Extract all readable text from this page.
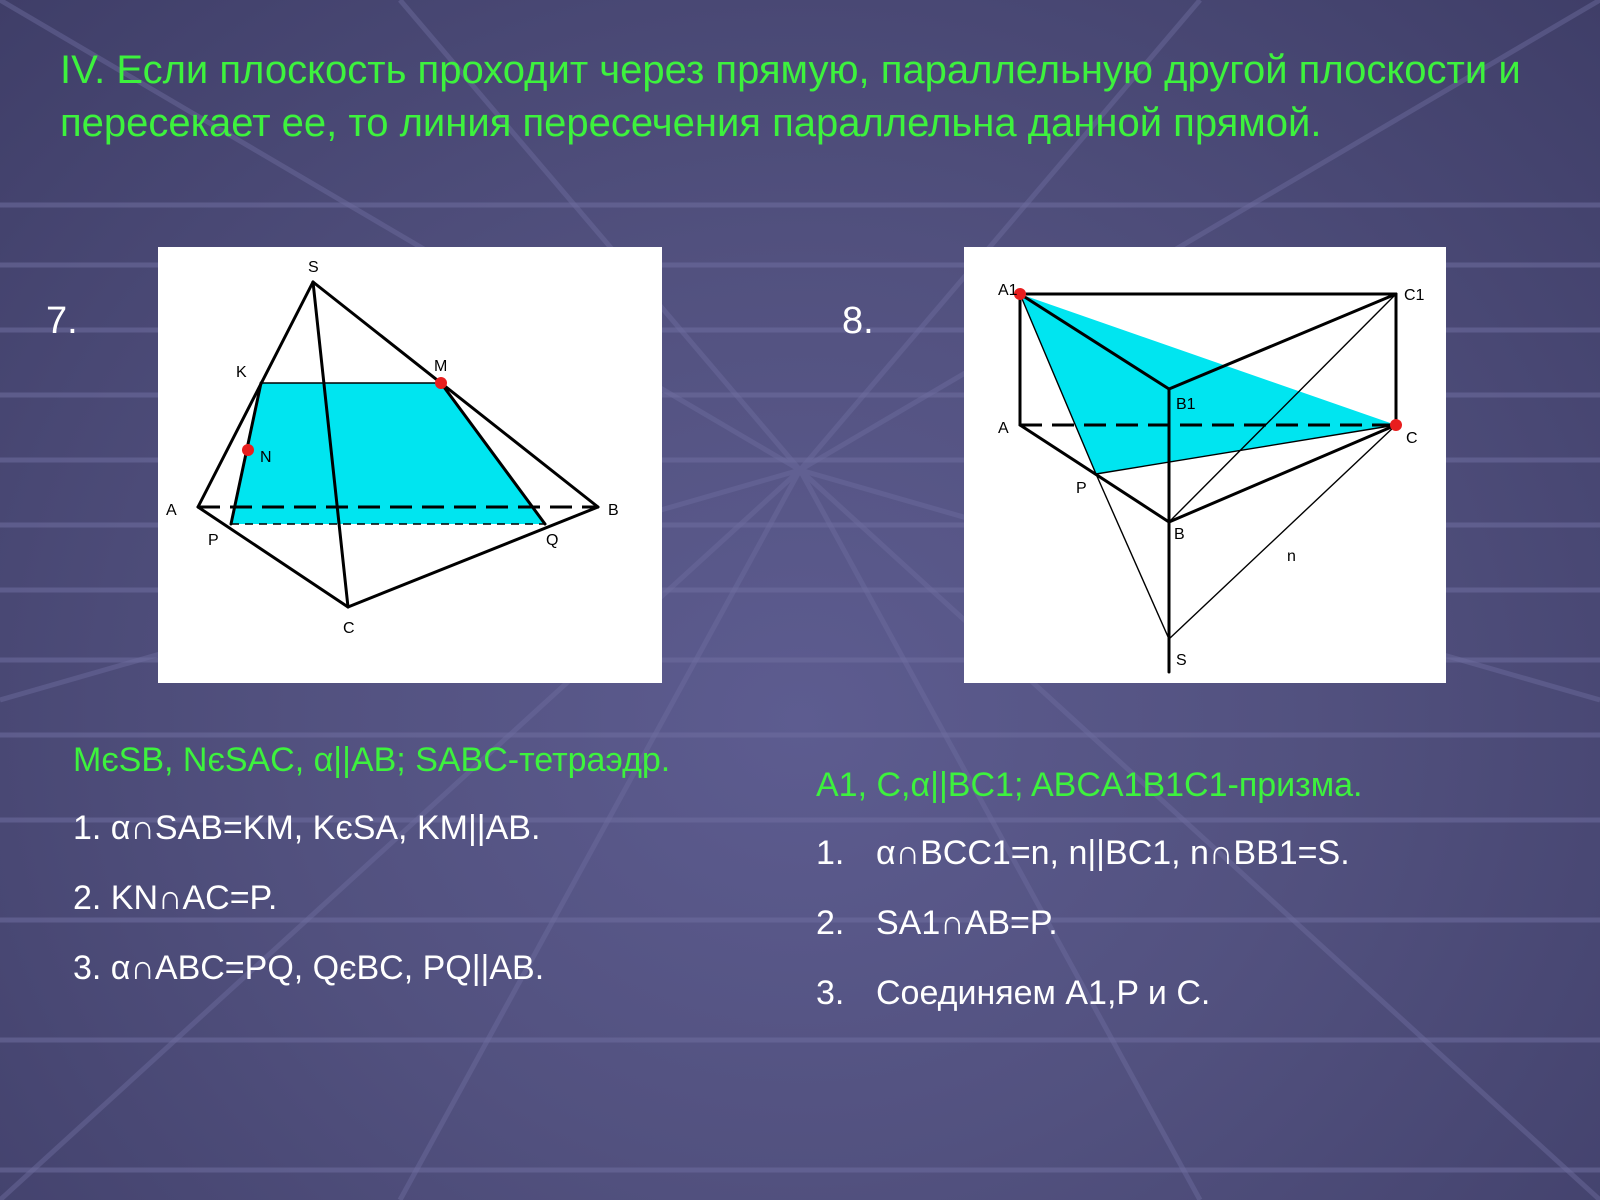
IV. Если плоскость проходит через прямую, параллельную другой плоскости и пересекает ее, то линия пересечения параллельна данной прямой.
7.	8.
S
K	M
N
A	B
P	Q
C
A1	C1
B1
A
C
P
B
n
S

MєSB, NєSAC, α||AB; SABC-тетраэдр.

1. α∩SAB=KM, KєSA, KM||AB.

2. KN∩AC=P.

3. α∩ABC=PQ, QєBC, PQ||AB.

A1, C,α||BC1; ABCA1B1C1-призма.

1. α∩BCC1=n, n||BC1, n∩BB1=S.
2. SA1∩AB=P.
3. Соединяем A1,P и C.
